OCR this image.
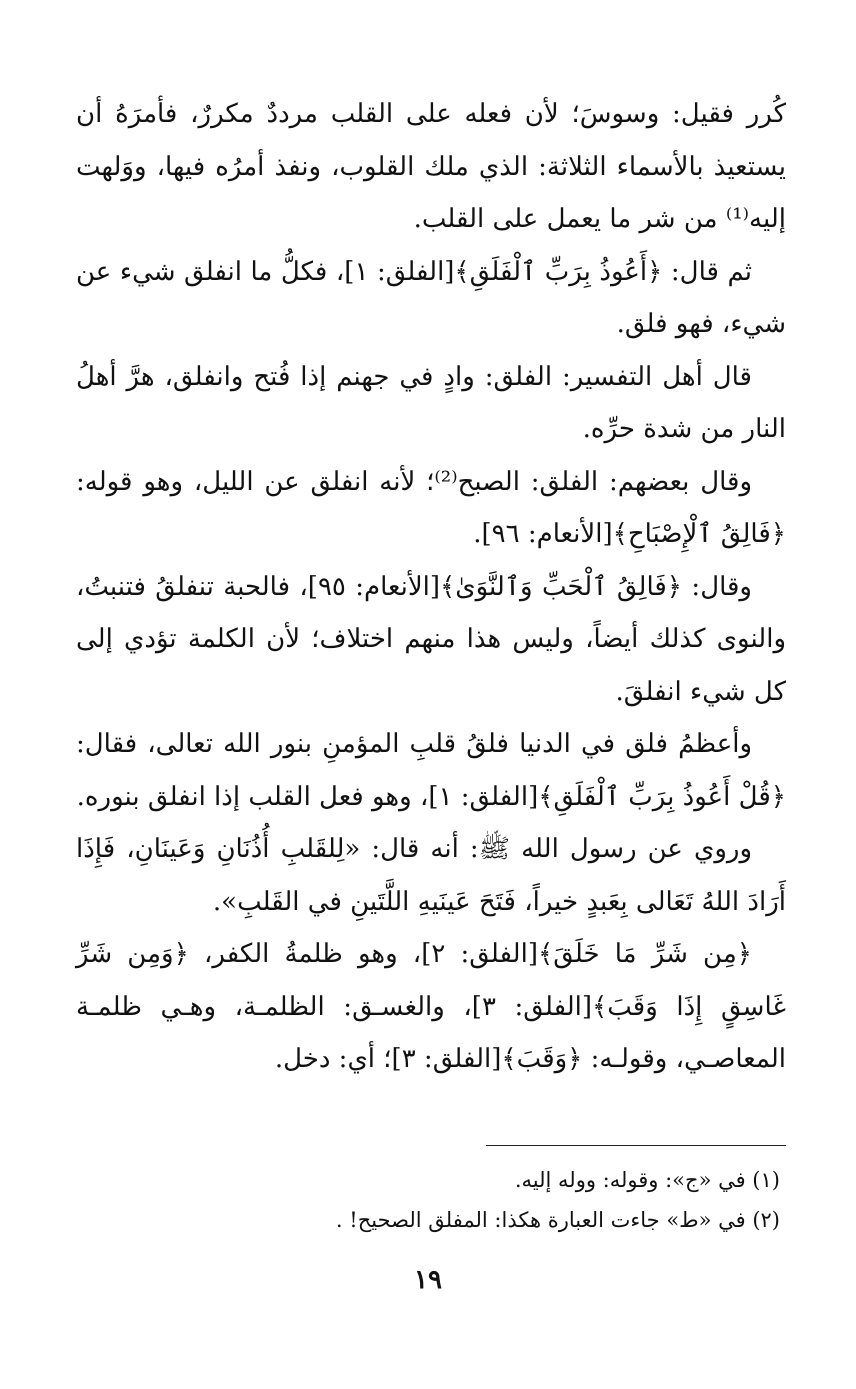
كُرر فقيل: وسوسَ؛ لأن فعله على القلب مرددٌ مكررٌ، فأمرَهُ أن يستعيذ بالأسماء الثلاثة: الذي ملك القلوب، ونفذ أمرُه فيها، ووَلهت إليه⁽¹⁾ من شر ما يعمل على القلب.

ثم قال: ﴿أَعُوذُ بِرَبِّ ٱلْفَلَقِ﴾[الفلق: ١]، فكلُّ ما انفلق شيء عن شيء، فهو فلق.

قال أهل التفسير: الفلق: وادٍ في جهنم إذا فُتح وانفلق، هرَّ أهلُ النار من شدة حرِّه.

وقال بعضهم: الفلق: الصبح⁽²⁾؛ لأنه انفلق عن الليل، وهو قوله: ﴿فَالِقُ ٱلْإِصْبَاحِ﴾[الأنعام: ٩٦].

وقال: ﴿فَالِقُ ٱلْحَبِّ وَٱلنَّوَىٰ﴾[الأنعام: ٩٥]، فالحبة تنفلقُ فتنبتُ، والنوى كذلك أيضاً، وليس هذا منهم اختلاف؛ لأن الكلمة تؤدي إلى كل شيء انفلقَ.

وأعظمُ فلق في الدنيا فلقُ قلبِ المؤمنِ بنور الله تعالى، فقال: ﴿قُلْ أَعُوذُ بِرَبِّ ٱلْفَلَقِ﴾[الفلق: ١]، وهو فعل القلب إذا انفلق بنوره.

وروي عن رسول الله ﷺ: أنه قال: «لِلقَلبِ أُذُنَانِ وَعَينَانِ، فَإِذَا أَرَادَ اللهُ تَعَالى بِعَبدٍ خيراً، فَتَحَ عَينَيهِ اللَّتَينِ في القَلبِ».

﴿مِن شَرِّ مَا خَلَقَ﴾[الفلق: ٢]، وهو ظلمةُ الكفر، ﴿وَمِن شَرِّ غَاسِقٍ إِذَا وَقَبَ﴾[الفلق: ٣]، والغسـق: الظلمـة، وهـي ظلمـة المعاصـي، وقولـه: ﴿وَقَبَ﴾[الفلق: ٣]؛ أي: دخل.

(١) في «ج»: وقوله: ووله إليه.

(٢) في «ط» جاءت العبارة هكذا: المفلق الصحيح! .

١٩
